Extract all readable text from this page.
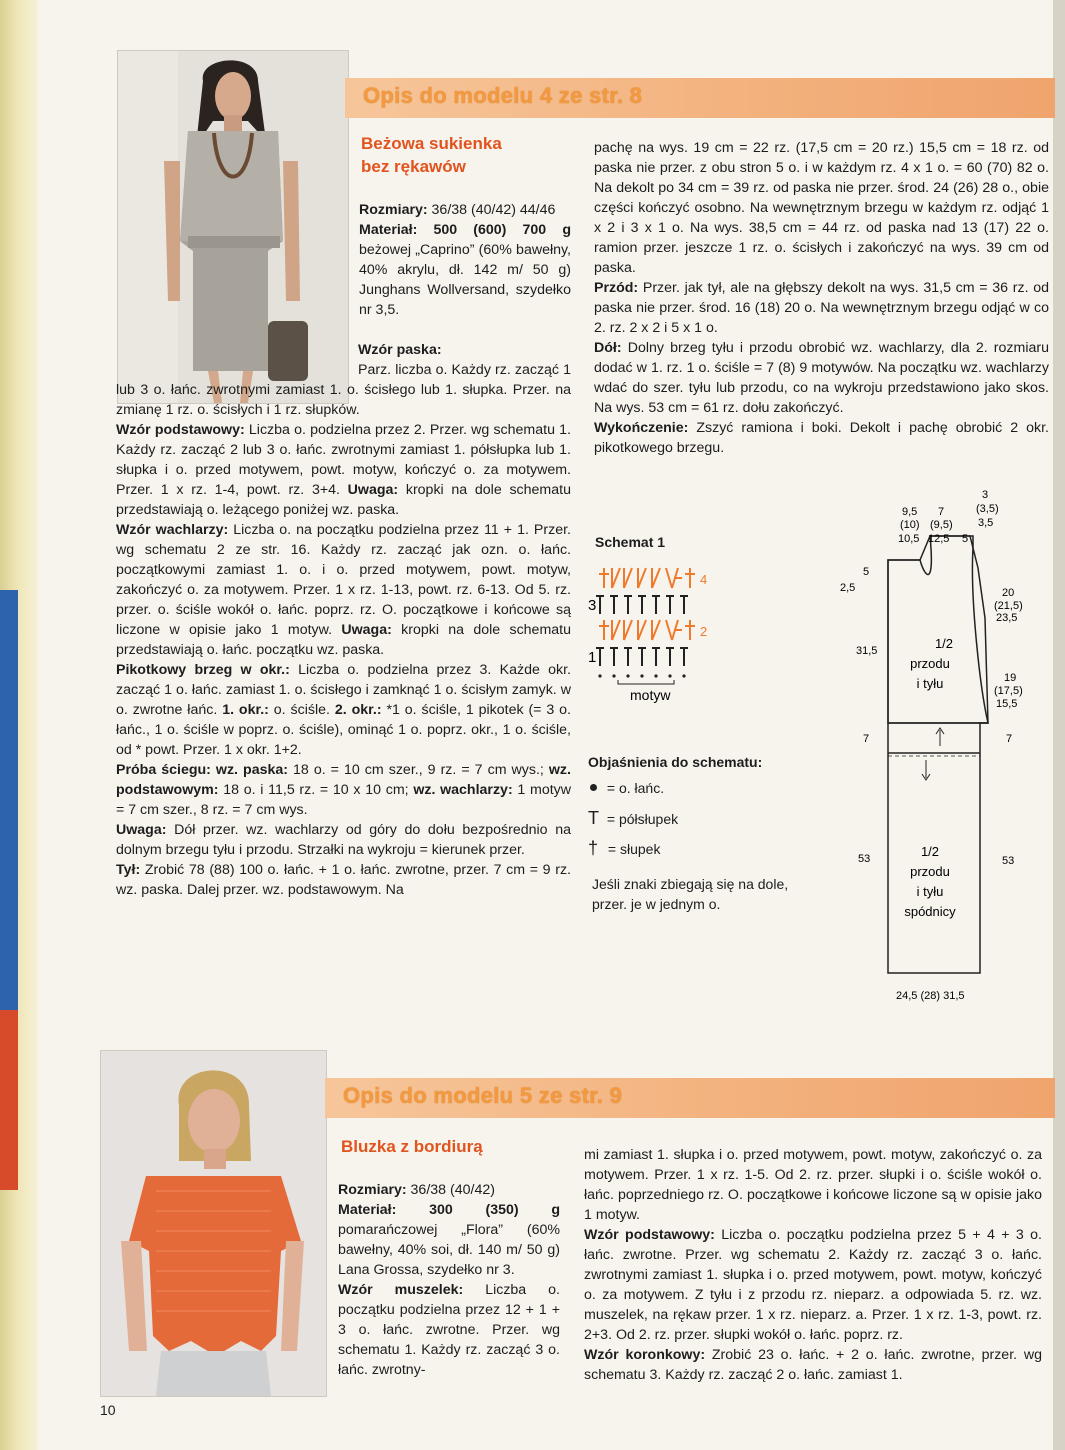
Opis do modelu 4 ze str. 8
Opis do modelu 5 ze str. 9
Beżowa sukienka
bez rękawów

Rozmiary: 36/38 (40/42) 44/46

Materiał: 500 (600) 700 g beżowej „Caprino” (60% bawełny, 40% akrylu, dł. 142 m/ 50 g) Junghans Wollversand, szydełko nr 3,5.

Wzór paska:

Parz. liczba o. Każdy rz. zacząć 1 lub 3 o. łańc. zwrotnymi zamiast 1. o. ścisłego lub 1. słupka. Przer. na zmianę 1 rz. o. ścisłych i 1 rz. słupków.

Wzór podstawowy: Liczba o. podzielna przez 2. Przer. wg schematu 1. Każdy rz. zacząć 2 lub 3 o. łańc. zwrotnymi zamiast 1. półsłupka lub 1. słupka i o. przed motywem, powt. motyw, kończyć o. za motywem. Przer. 1 x rz. 1-4, powt. rz. 3+4. Uwaga: kropki na dole schematu przedstawiają o. leżącego poniżej wz. paska.

Wzór wachlarzy: Liczba o. na początku podzielna przez 11 + 1. Przer. wg schematu 2 ze str. 16. Każdy rz. zacząć jak ozn. o. łańc. początkowymi zamiast 1. o. i o. przed motywem, powt. motyw, zakończyć o. za motywem. Przer. 1 x rz. 1-13, powt. rz. 6-13. Od 5. rz. przer. o. ściśle wokół o. łańc. poprz. rz. O. początkowe i końcowe są liczone w opisie jako 1 motyw. Uwaga: kropki na dole schematu przedstawiają o. łańc. początku wz. paska.

Pikotkowy brzeg w okr.: Liczba o. podzielna przez 3. Każde okr. zacząć 1 o. łańc. zamiast 1. o. ścisłego i zamknąć 1 o. ścisłym zamyk. w o. zwrotne łańc. 1. okr.: o. ściśle. 2. okr.: *1 o. ściśle, 1 pikotek (= 3 o. łańc., 1 o. ściśle w poprz. o. ściśle), ominąć 1 o. poprz. okr., 1 o. ściśle, od * powt. Przer. 1 x okr. 1+2.

Próba ściegu: wz. paska: 18 o. = 10 cm szer., 9 rz. = 7 cm wys.; wz. podstawowym: 18 o. i 11,5 rz. = 10 x 10 cm; wz. wachlarzy: 1 motyw = 7 cm szer., 8 rz. = 7 cm wys.

Uwaga: Dół przer. wz. wachlarzy od góry do dołu bezpośrednio na dolnym brzegu tyłu i przodu. Strzałki na wykroju = kierunek przer.

Tył: Zrobić 78 (88) 100 o. łańc. + 1 o. łańc. zwrotne, przer. 7 cm = 9 rz. wz. paska. Dalej przer. wz. podstawowym. Na

pachę na wys. 19 cm = 22 rz. (17,5 cm = 20 rz.) 15,5 cm = 18 rz. od paska nie przer. z obu stron 5 o. i w każdym rz. 4 x 1 o. = 60 (70) 82 o. Na dekolt po 34 cm = 39 rz. od paska nie przer. środ. 24 (26) 28 o., obie części kończyć osobno. Na wewnętrznym brzegu w każdym rz. odjąć 1 x 2 i 3 x 1 o. Na wys. 38,5 cm = 44 rz. od paska nad 13 (17) 22 o. ramion przer. jeszcze 1 rz. o. ścisłych i zakończyć na wys. 39 cm od paska.

Przód: Przer. jak tył, ale na głębszy dekolt na wys. 31,5 cm = 36 rz. od paska nie przer. środ. 16 (18) 20 o. Na wewnętrznym brzegu odjąć w co 2. rz. 2 x 2 i 5 x 1 o.

Dół: Dolny brzeg tyłu i przodu obrobić wz. wachlarzy, dla 2. rozmiaru dodać w 1. rz. 1 o. ściśle = 7 (8) 9 motywów. Na początku wz. wachlarzy wdać do szer. tyłu lub przodu, co na wykroju przedstawiono jako skos. Na wys. 53 cm = 61 rz. dołu zakończyć.

Wykończenie: Zszyć ramiona i boki. Dekolt i pachę obrobić 2 okr. pikotkowego brzegu.

Schemat 1
4
3
2
1
motyw
Objaśnienia do schematu:
= o. łańc.
T = półsłupek
† = słupek
Jeśli znaki zbiegają się na dole, przer. je w jednym o.
9,5
(10)
10,5
7
(9,5)
12,5 5
3
(3,5)
3,5
5
2,5
31,5
7
53
20
(21,5)
23,5
19
(17,5)
15,5
7
53
1/2
przodu
i tyłu
1/2
przodu
i tyłu
spódnicy
24,5 (28) 31,5
Bluzka z bordiurą

Rozmiary: 36/38 (40/42)

Materiał: 300 (350) g pomarańczowej „Flora” (60% bawełny, 40% soi, dł. 140 m/ 50 g) Lana Grossa, szydełko nr 3.

Wzór muszelek: Liczba o. początku podzielna przez 12 + 1 + 3 o. łańc. zwrotne. Przer. wg schematu 1. Każdy rz. zacząć 3 o. łańc. zwrotny-

mi zamiast 1. słupka i o. przed motywem, powt. motyw, zakończyć o. za motywem. Przer. 1 x rz. 1-5. Od 2. rz. przer. słupki i o. ściśle wokół o. łańc. poprzedniego rz. O. początkowe i końcowe liczone są w opisie jako 1 motyw.

Wzór podstawowy: Liczba o. początku podzielna przez 5 + 4 + 3 o. łańc. zwrotne. Przer. wg schematu 2. Każdy rz. zacząć 3 o. łańc. zwrotnymi zamiast 1. słupka i o. przed motywem, powt. motyw, kończyć o. za motywem. Z tyłu i z przodu rz. nieparz. a odpowiada 5. rz. wz. muszelek, na rękaw przer. 1 x rz. nieparz. a. Przer. 1 x rz. 1-3, powt. rz. 2+3. Od 2. rz. przer. słupki wokół o. łańc. poprz. rz.

Wzór koronkowy: Zrobić 23 o. łańc. + 2 o. łańc. zwrotne, przer. wg schematu 3. Każdy rz. zacząć 2 o. łańc. zamiast 1.

10
